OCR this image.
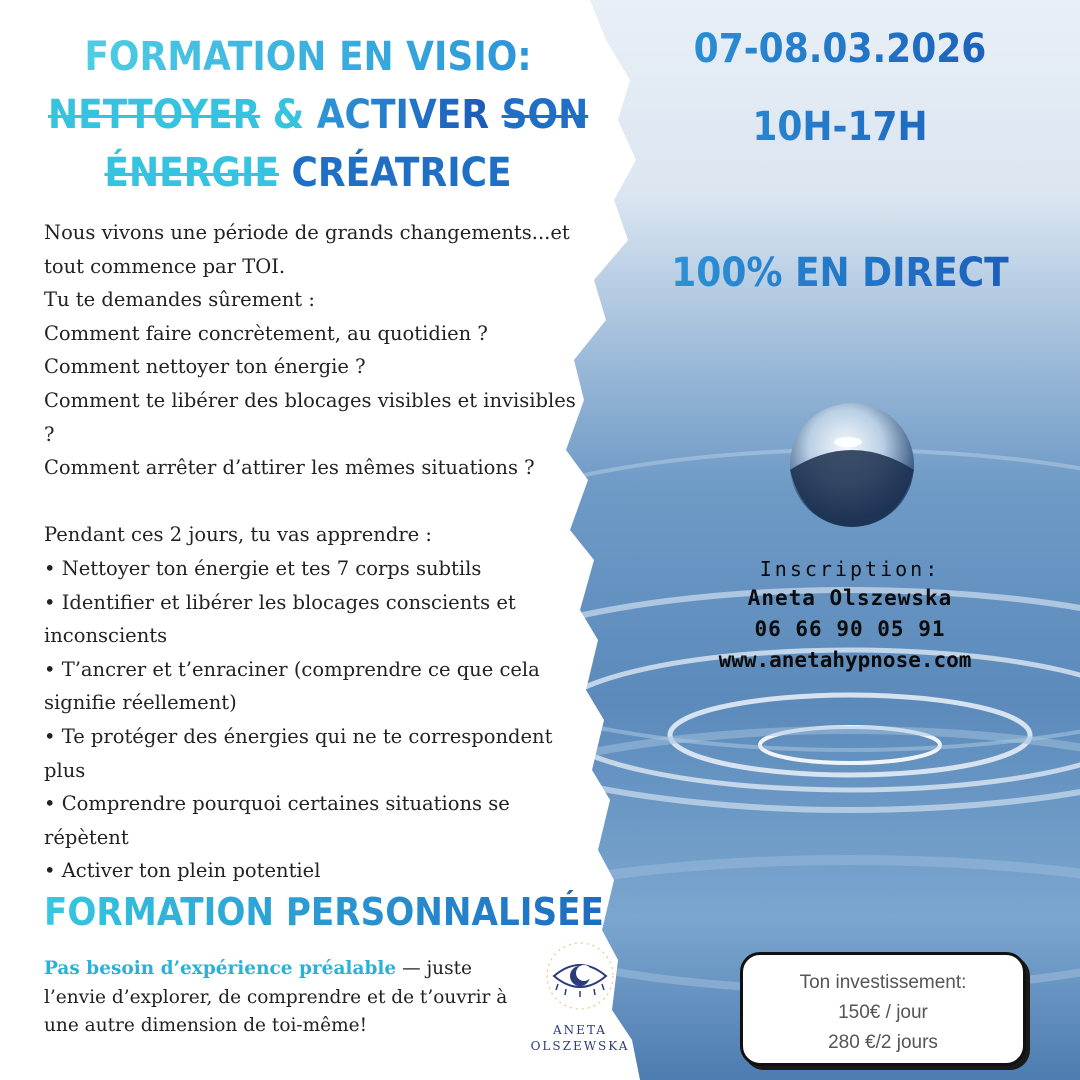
FORMATION EN VISIO:
NETTOYER & ACTIVER SON
ÉNERGIE CRÉATRICE
07-08.03.2026
10H-17H
100% EN DIRECT

Nous vivons une période de grands changements...et tout commence par TOI.

Tu te demandes sûrement :

Comment faire concrètement, au quotidien ?

Comment nettoyer ton énergie ?

Comment te libérer des blocages visibles et invisibles ?

Comment arrêter d’attirer les mêmes situations ?

Pendant ces 2 jours, tu vas apprendre :

• Nettoyer ton énergie et tes 7 corps subtils

• Identifier et libérer les blocages conscients et inconscients

• T’ancrer et t’enraciner (comprendre ce que cela signifie réellement)

• Te protéger des énergies qui ne te correspondent plus

• Comprendre pourquoi certaines situations se répètent

• Activer ton plein potentiel

FORMATION PERSONNALISÉE
Pas besoin d’expérience préalable — juste l’envie d’explorer, de comprendre et de t’ouvrir à une autre dimension de toi-même!	ANETA
OLSZEWSKA
Inscription:
Aneta Olszewska
06 66 90 05 91
www.anetahypnose.com
Ton investissement:
150€ / jour
280 €/2 jours
